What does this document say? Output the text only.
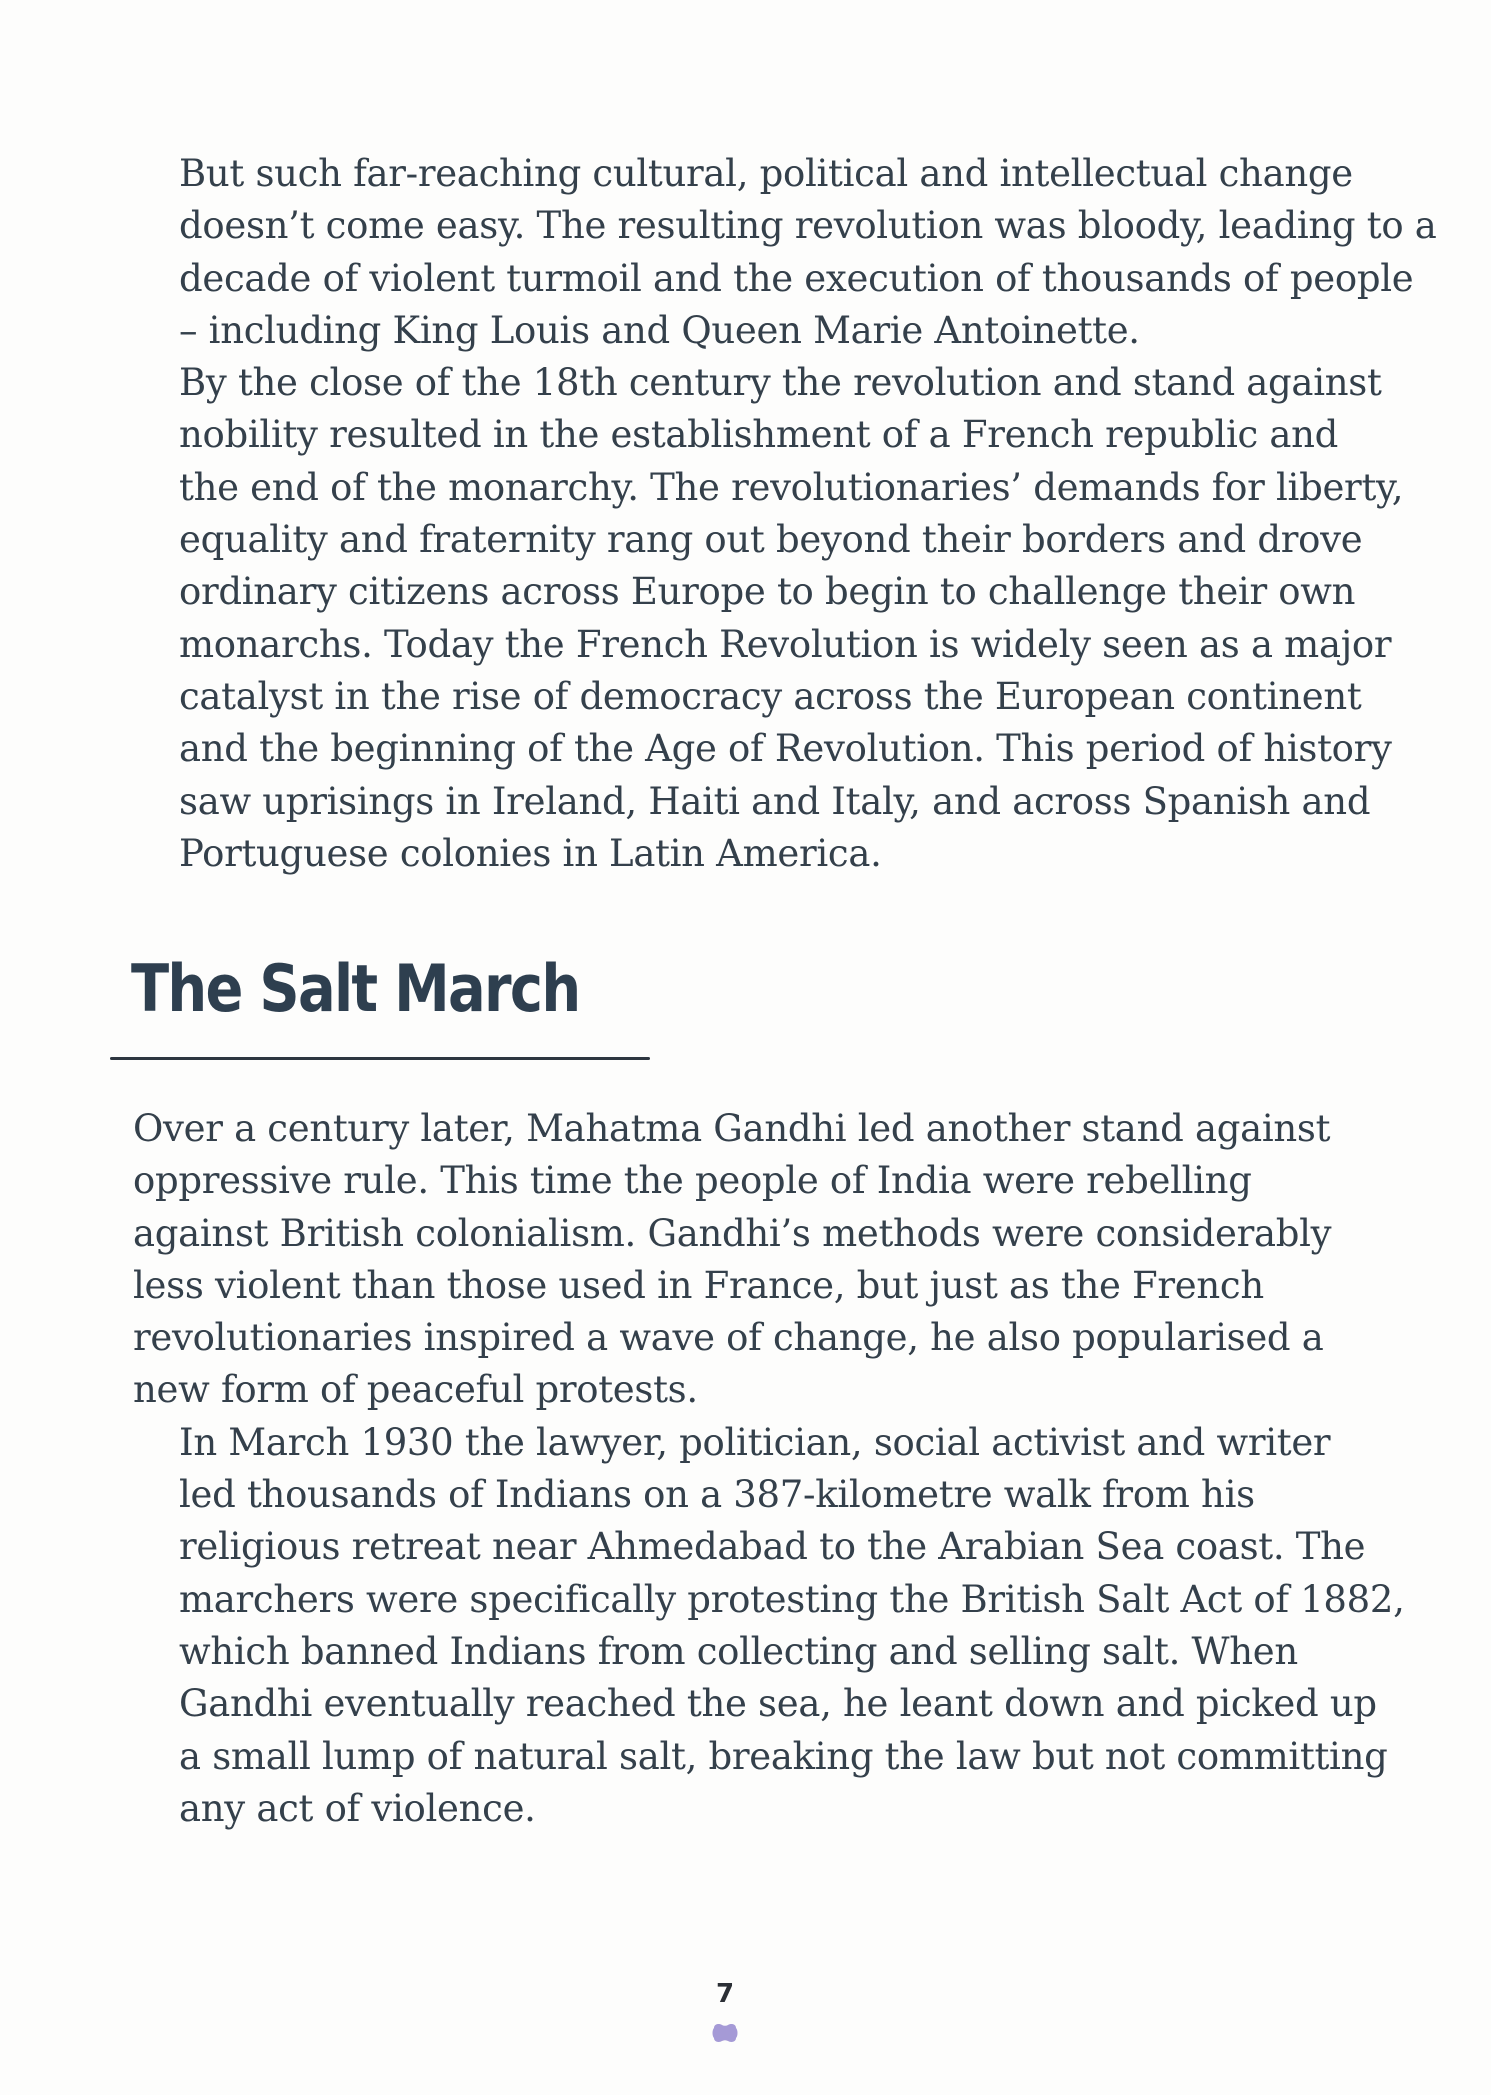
But such far-reaching cultural, political and intellectual change
doesn’t come easy. The resulting revolution was bloody, leading to a
decade of violent turmoil and the execution of thousands of people
– including King Louis and Queen Marie Antoinette.

By the close of the 18th century the revolution and stand against
nobility resulted in the establishment of a French republic and
the end of the monarchy. The revolutionaries’ demands for liberty,
equality and fraternity rang out beyond their borders and drove
ordinary citizens across Europe to begin to challenge their own
monarchs. Today the French Revolution is widely seen as a major
catalyst in the rise of democracy across the European continent
and the beginning of the Age of Revolution. This period of history
saw uprisings in Ireland, Haiti and Italy, and across Spanish and
Portuguese colonies in Latin America.

The Salt March

Over a century later, Mahatma Gandhi led another stand against
oppressive rule. This time the people of India were rebelling
against British colonialism. Gandhi’s methods were considerably
less violent than those used in France, but just as the French
revolutionaries inspired a wave of change, he also popularised a
new form of peaceful protests.

In March 1930 the lawyer, politician, social activist and writer
led thousands of Indians on a 387-kilometre walk from his
religious retreat near Ahmedabad to the Arabian Sea coast. The
marchers were specifically protesting the British Salt Act of 1882,
which banned Indians from collecting and selling salt. When
Gandhi eventually reached the sea, he leant down and picked up
a small lump of natural salt, breaking the law but not committing
any act of violence.

7
